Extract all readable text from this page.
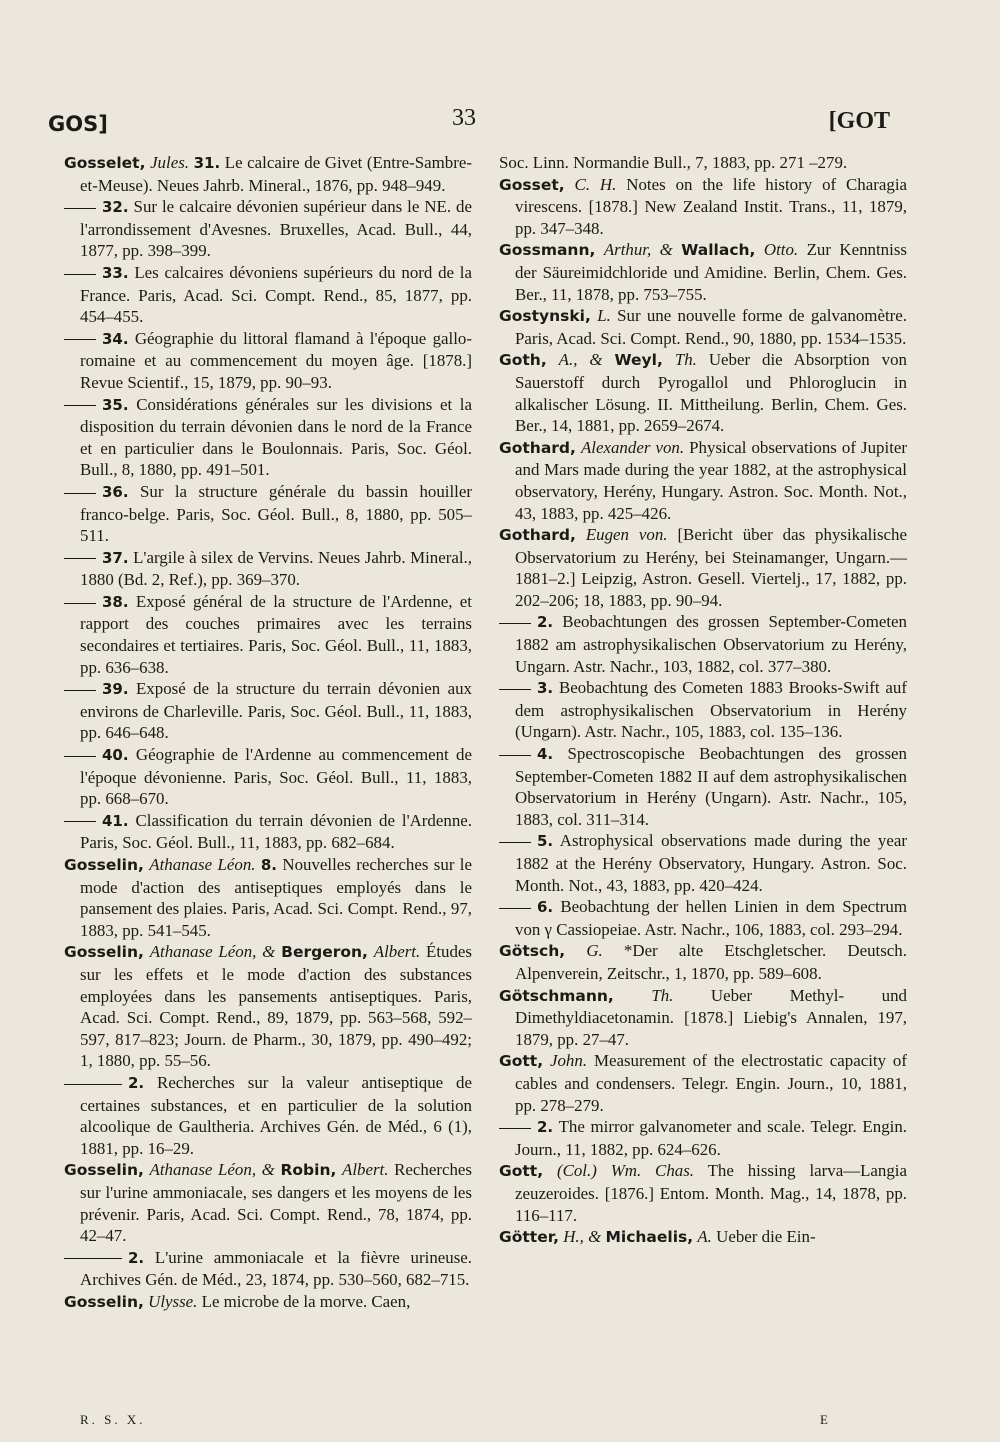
GOS]	33	[GOT

Gosselet, Jules. 31. Le calcaire de Givet (Entre-Sambre-et-Meuse). Neues Jahrb. Mineral., 1876, pp. 948–949.

32. Sur le calcaire dévonien supérieur dans le NE. de l'arrondissement d'Avesnes. Bruxelles, Acad. Bull., 44, 1877, pp. 398–399.

33. Les calcaires dévoniens supérieurs du nord de la France. Paris, Acad. Sci. Compt. Rend., 85, 1877, pp. 454–455.

34. Géographie du littoral flamand à l'époque gallo-romaine et au commencement du moyen âge. [1878.] Revue Scientif., 15, 1879, pp. 90–93.

35. Considérations générales sur les divisions et la disposition du terrain dévonien dans le nord de la France et en particulier dans le Boulonnais. Paris, Soc. Géol. Bull., 8, 1880, pp. 491–501.

36. Sur la structure générale du bassin houiller franco-belge. Paris, Soc. Géol. Bull., 8, 1880, pp. 505–511.

37. L'argile à silex de Vervins. Neues Jahrb. Mineral., 1880 (Bd. 2, Ref.), pp. 369–370.

38. Exposé général de la structure de l'Ardenne, et rapport des couches primaires avec les terrains secondaires et tertiaires. Paris, Soc. Géol. Bull., 11, 1883, pp. 636–638.

39. Exposé de la structure du terrain dévonien aux environs de Charleville. Paris, Soc. Géol. Bull., 11, 1883, pp. 646–648.

40. Géographie de l'Ardenne au commencement de l'époque dévonienne. Paris, Soc. Géol. Bull., 11, 1883, pp. 668–670.

41. Classification du terrain dévonien de l'Ardenne. Paris, Soc. Géol. Bull., 11, 1883, pp. 682–684.

Gosselin, Athanase Léon. 8. Nouvelles recherches sur le mode d'action des antiseptiques employés dans le pansement des plaies. Paris, Acad. Sci. Compt. Rend., 97, 1883, pp. 541–545.

Gosselin, Athanase Léon, & Bergeron, Albert. Études sur les effets et le mode d'action des substances employées dans les pansements antiseptiques. Paris, Acad. Sci. Compt. Rend., 89, 1879, pp. 563–568, 592–597, 817–823; Journ. de Pharm., 30, 1879, pp. 490–492; 1, 1880, pp. 55–56.

2. Recherches sur la valeur antiseptique de certaines substances, et en particulier de la solution alcoolique de Gaultheria. Archives Gén. de Méd., 6 (1), 1881, pp. 16–29.

Gosselin, Athanase Léon, & Robin, Albert. Recherches sur l'urine ammoniacale, ses dangers et les moyens de les prévenir. Paris, Acad. Sci. Compt. Rend., 78, 1874, pp. 42–47.

2. L'urine ammoniacale et la fièvre urineuse. Archives Gén. de Méd., 23, 1874, pp. 530–560, 682–715.

Gosselin, Ulysse. Le microbe de la morve. Caen,

Soc. Linn. Normandie Bull., 7, 1883, pp. 271 –279.

Gosset, C. H. Notes on the life history of Charagia virescens. [1878.] New Zealand Instit. Trans., 11, 1879, pp. 347–348.

Gossmann, Arthur, & Wallach, Otto. Zur Kenntniss der Säureimidchloride und Amidine. Berlin, Chem. Ges. Ber., 11, 1878, pp. 753–755.

Gostynski, L. Sur une nouvelle forme de galvanomètre. Paris, Acad. Sci. Compt. Rend., 90, 1880, pp. 1534–1535.

Goth, A., & Weyl, Th. Ueber die Absorption von Sauerstoff durch Pyrogallol und Phloroglucin in alkalischer Lösung. II. Mittheilung. Berlin, Chem. Ges. Ber., 14, 1881, pp. 2659–2674.

Gothard, Alexander von. Physical observations of Jupiter and Mars made during the year 1882, at the astrophysical observatory, Herény, Hungary. Astron. Soc. Month. Not., 43, 1883, pp. 425–426.

Gothard, Eugen von. [Bericht über das physikalische Observatorium zu Herény, bei Steinamanger, Ungarn.—1881–2.] Leipzig, Astron. Gesell. Viertelj., 17, 1882, pp. 202–206; 18, 1883, pp. 90–94.

2. Beobachtungen des grossen September-Cometen 1882 am astrophysikalischen Observatorium zu Herény, Ungarn. Astr. Nachr., 103, 1882, col. 377–380.

3. Beobachtung des Cometen 1883 Brooks-Swift auf dem astrophysikalischen Observatorium in Herény (Ungarn). Astr. Nachr., 105, 1883, col. 135–136.

4. Spectroscopische Beobachtungen des grossen September-Cometen 1882 II auf dem astrophysikalischen Observatorium in Herény (Ungarn). Astr. Nachr., 105, 1883, col. 311–314.

5. Astrophysical observations made during the year 1882 at the Herény Observatory, Hungary. Astron. Soc. Month. Not., 43, 1883, pp. 420–424.

6. Beobachtung der hellen Linien in dem Spectrum von γ Cassiopeiae. Astr. Nachr., 106, 1883, col. 293–294.

Götsch, G. *Der alte Etschgletscher. Deutsch. Alpenverein, Zeitschr., 1, 1870, pp. 589–608.

Götschmann, Th. Ueber Methyl- und Dimethyldiacetonamin. [1878.] Liebig's Annalen, 197, 1879, pp. 27–47.

Gott, John. Measurement of the electrostatic capacity of cables and condensers. Telegr. Engin. Journ., 10, 1881, pp. 278–279.

2. The mirror galvanometer and scale. Telegr. Engin. Journ., 11, 1882, pp. 624–626.

Gott, (Col.) Wm. Chas. The hissing larva—Langia zeuzeroides. [1876.] Entom. Month. Mag., 14, 1878, pp. 116–117.

Götter, H., & Michaelis, A. Ueber die Ein-

R. S. X.	E
